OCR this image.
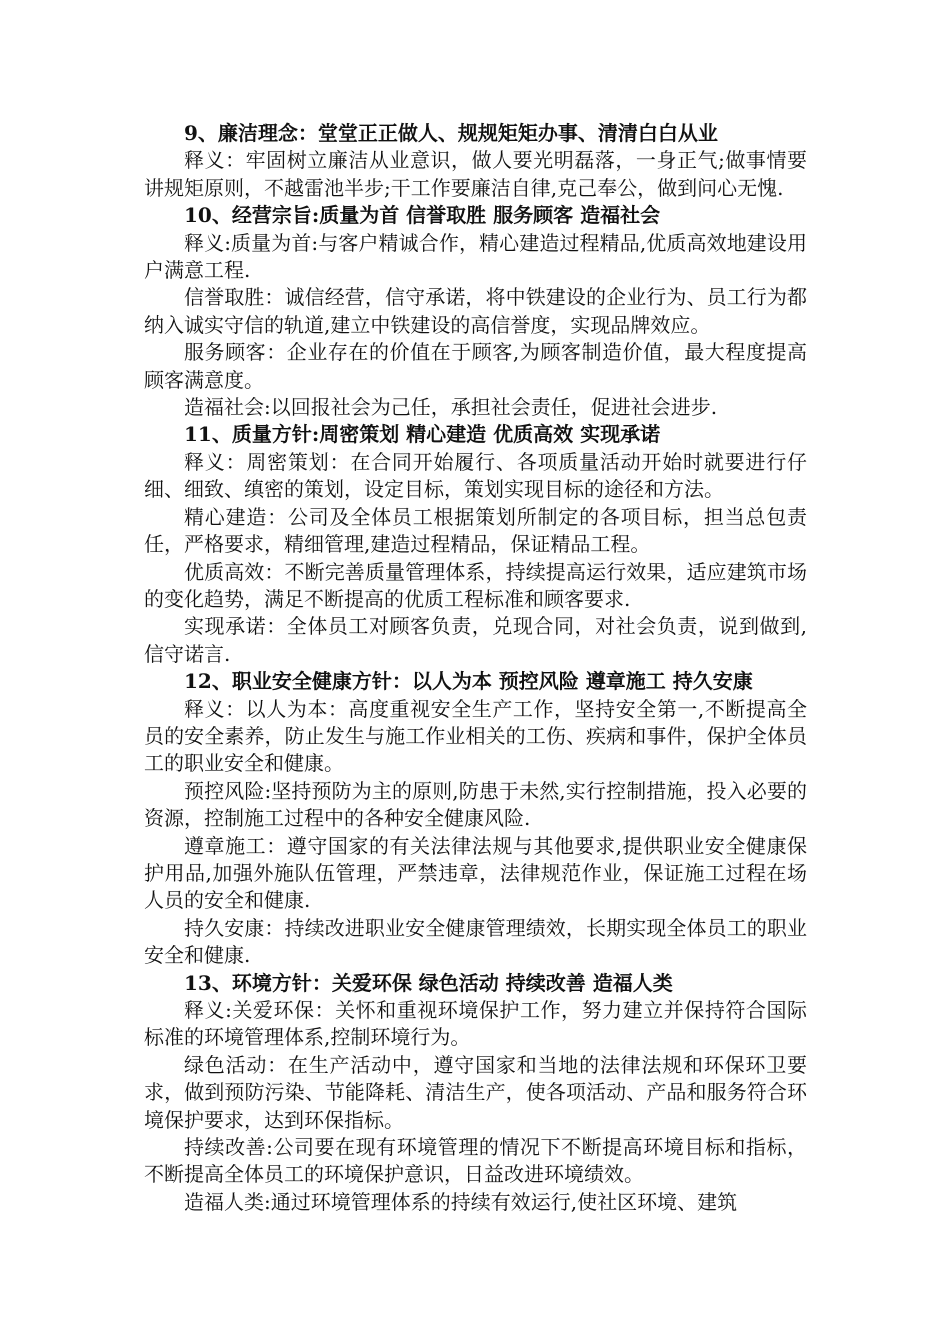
9、廉洁理念：堂堂正正做人、规规矩矩办事、清清白白从业

释义：牢固树立廉洁从业意识，做人要光明磊落，一身正气;做事情要讲规矩原则，不越雷池半步;干工作要廉洁自律,克己奉公，做到问心无愧.

10、经营宗旨:质量为首 信誉取胜 服务顾客 造福社会

释义:质量为首:与客户精诚合作，精心建造过程精品,优质高效地建设用户满意工程.

信誉取胜：诚信经营，信守承诺，将中铁建设的企业行为、员工行为都纳入诚实守信的轨道,建立中铁建设的高信誉度，实现品牌效应。

服务顾客：企业存在的价值在于顾客,为顾客制造价值，最大程度提高顾客满意度。

造福社会:以回报社会为己任，承担社会责任，促进社会进步.

11、质量方针:周密策划 精心建造 优质高效 实现承诺

释义：周密策划：在合同开始履行、各项质量活动开始时就要进行仔细、细致、缜密的策划，设定目标，策划实现目标的途径和方法。

精心建造：公司及全体员工根据策划所制定的各项目标，担当总包责任，严格要求，精细管理,建造过程精品，保证精品工程。

优质高效：不断完善质量管理体系，持续提高运行效果，适应建筑市场的变化趋势，满足不断提高的优质工程标准和顾客要求.

实现承诺：全体员工对顾客负责，兑现合同，对社会负责，说到做到,信守诺言.

12、职业安全健康方针：以人为本 预控风险 遵章施工 持久安康

释义：以人为本：高度重视安全生产工作，坚持安全第一,不断提高全员的安全素养，防止发生与施工作业相关的工伤、疾病和事件，保护全体员工的职业安全和健康。

预控风险:坚持预防为主的原则,防患于未然,实行控制措施，投入必要的资源，控制施工过程中的各种安全健康风险.

遵章施工：遵守国家的有关法律法规与其他要求,提供职业安全健康保护用品,加强外施队伍管理，严禁违章，法律规范作业，保证施工过程在场人员的安全和健康.

持久安康：持续改进职业安全健康管理绩效，长期实现全体员工的职业安全和健康.

13、环境方针：关爱环保 绿色活动 持续改善 造福人类

释义:关爱环保：关怀和重视环境保护工作，努力建立并保持符合国际标准的环境管理体系,控制环境行为。

绿色活动：在生产活动中，遵守国家和当地的法律法规和环保环卫要求，做到预防污染、节能降耗、清洁生产，使各项活动、产品和服务符合环境保护要求，达到环保指标。

持续改善:公司要在现有环境管理的情况下不断提高环境目标和指标，不断提高全体员工的环境保护意识，日益改进环境绩效。

造福人类:通过环境管理体系的持续有效运行,使社区环境、建筑
